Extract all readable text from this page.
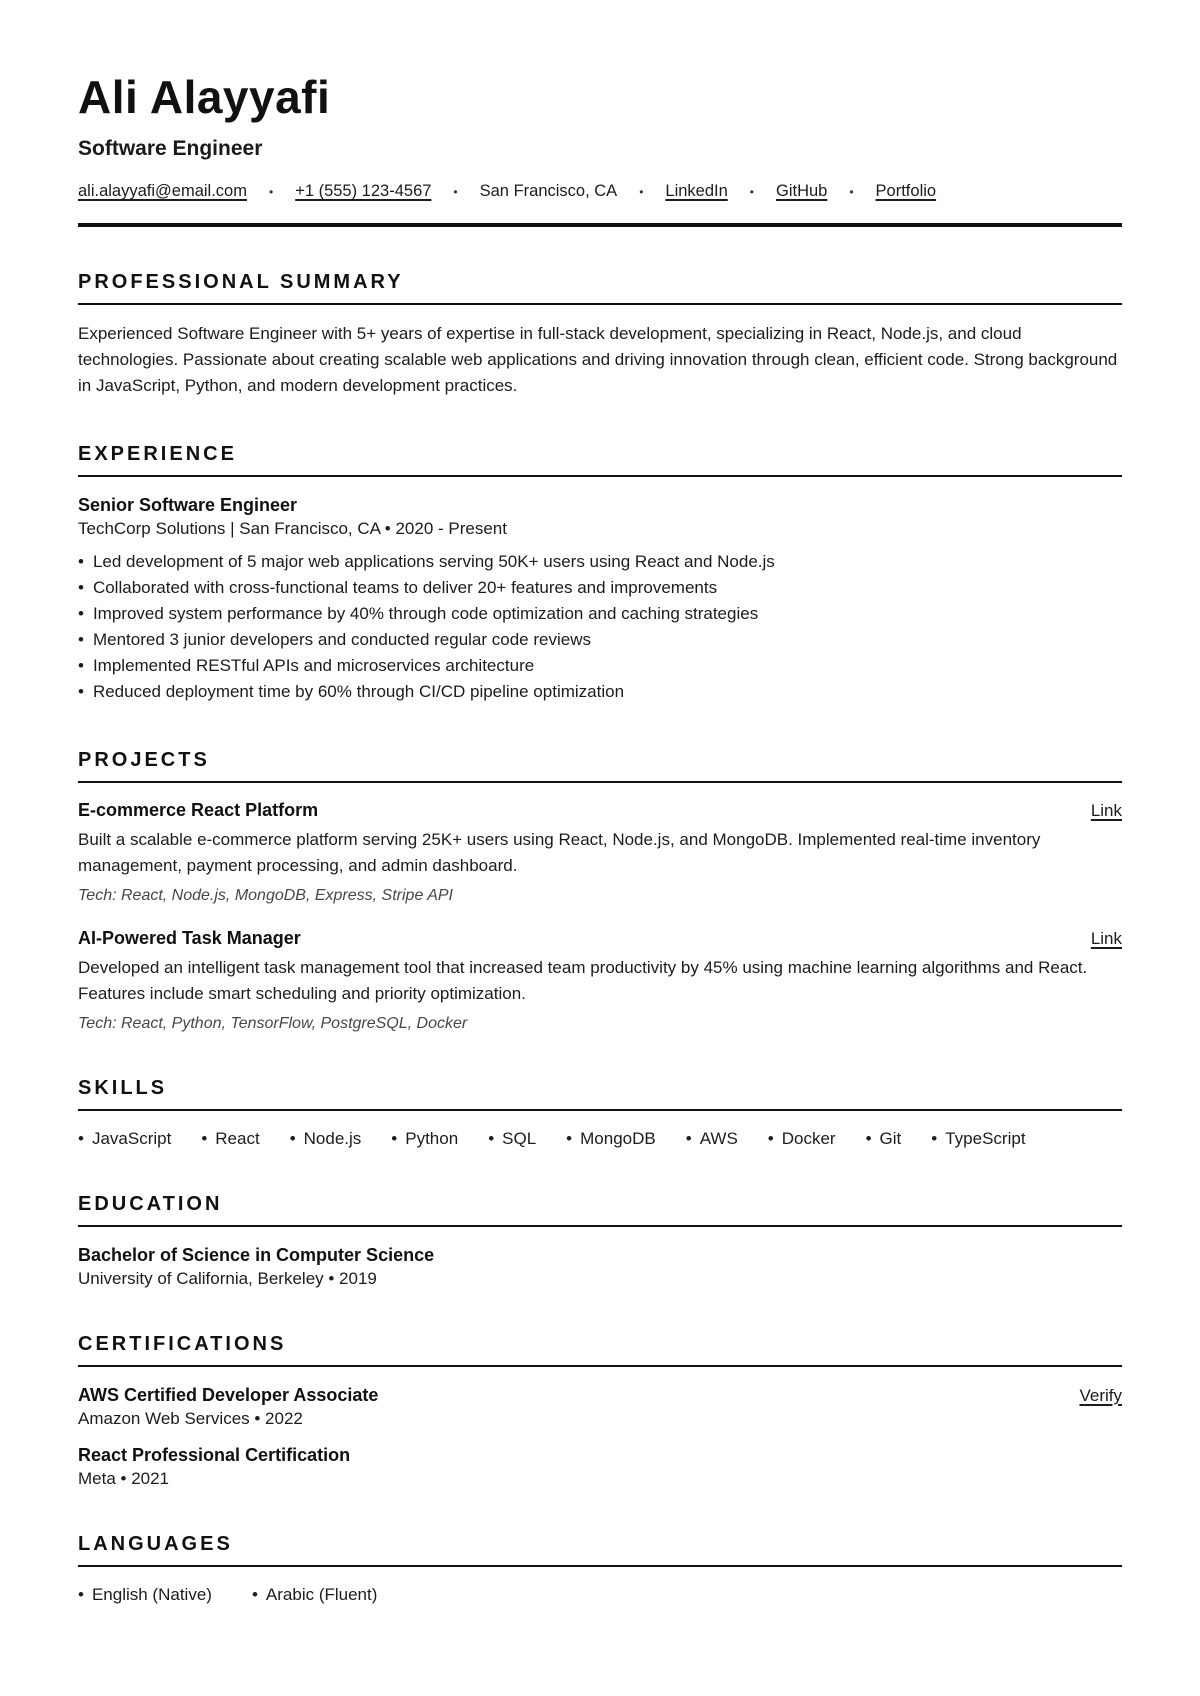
Ali Alayyafi
Software Engineer
ali.alayyafi@email.com • +1 (555) 123-4567 • San Francisco, CA • LinkedIn • GitHub • Portfolio
PROFESSIONAL SUMMARY

Experienced Software Engineer with 5+ years of expertise in full-stack development, specializing in React, Node.js, and cloud technologies. Passionate about creating scalable web applications and driving innovation through clean, efficient code. Strong background in JavaScript, Python, and modern development practices.

EXPERIENCE
Senior Software Engineer
TechCorp Solutions | San Francisco, CA • 2020 - Present
• Led development of 5 major web applications serving 50K+ users using React and Node.js
• Collaborated with cross-functional teams to deliver 20+ features and improvements
• Improved system performance by 40% through code optimization and caching strategies
• Mentored 3 junior developers and conducted regular code reviews
• Implemented RESTful APIs and microservices architecture
• Reduced deployment time by 60% through CI/CD pipeline optimization
PROJECTS
E-commerce React Platform	Link

Built a scalable e-commerce platform serving 25K+ users using React, Node.js, and MongoDB. Implemented real-time inventory management, payment processing, and admin dashboard.

Tech: React, Node.js, MongoDB, Express, Stripe API

AI-Powered Task Manager	Link

Developed an intelligent task management tool that increased team productivity by 45% using machine learning algorithms and React. Features include smart scheduling and priority optimization.

Tech: React, Python, TensorFlow, PostgreSQL, Docker

SKILLS
• JavaScript • React • Node.js • Python • SQL • MongoDB • AWS • Docker • Git • TypeScript
EDUCATION
Bachelor of Science in Computer Science
University of California, Berkeley • 2019
CERTIFICATIONS
AWS Certified Developer Associate	Verify
Amazon Web Services • 2022
React Professional Certification
Meta • 2021
LANGUAGES
• English (Native) • Arabic (Fluent)
